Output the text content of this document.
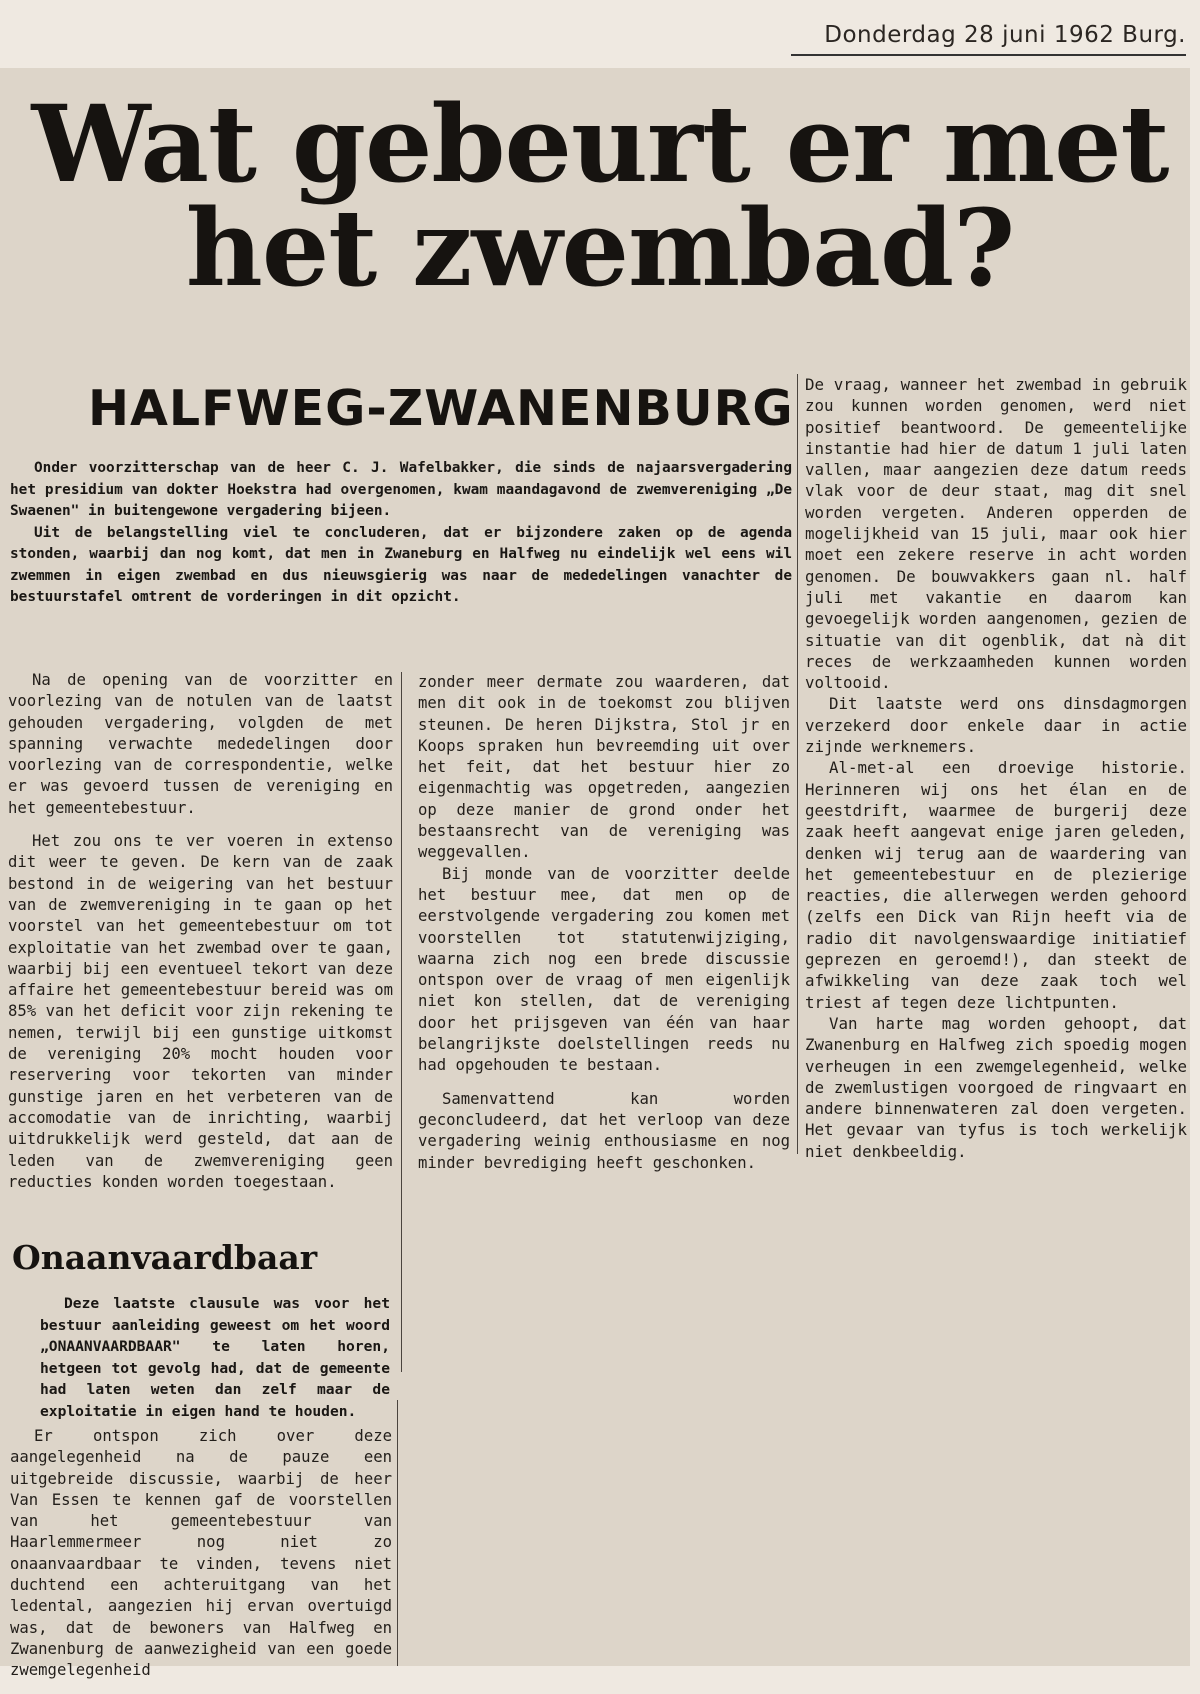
Donderdag 28 juni 1962 Burg.
Wat gebeurt er met het zwembad?
HALFWEG-ZWANENBURG

Onder voorzitterschap van de heer C. J. Wafelbakker, die sinds de najaarsvergadering het presidium van dokter Hoekstra had overgenomen, kwam maandagavond de zwemvereniging „De Swaenen" in buitengewone vergadering bijeen.

Uit de belangstelling viel te concluderen, dat er bijzondere zaken op de agenda stonden, waarbij dan nog komt, dat men in Zwaneburg en Halfweg nu eindelijk wel eens wil zwemmen in eigen zwembad en dus nieuwsgierig was naar de mededelingen vanachter de bestuurstafel omtrent de vorderingen in dit opzicht.

Na de opening van de voorzitter en voorlezing van de notulen van de laatst gehouden vergadering, volgden de met spanning verwachte mededelingen door voorlezing van de correspondentie, welke er was gevoerd tussen de vereniging en het gemeentebestuur.

Het zou ons te ver voeren in extenso dit weer te geven. De kern van de zaak bestond in de weigering van het bestuur van de zwemvereniging in te gaan op het voorstel van het gemeentebestuur om tot exploitatie van het zwembad over te gaan, waarbij bij een eventueel tekort van deze affaire het gemeentebestuur bereid was om 85% van het deficit voor zijn rekening te nemen, terwijl bij een gunstige uitkomst de vereniging 20% mocht houden voor reservering voor tekorten van minder gunstige jaren en het verbeteren van de accomodatie van de inrichting, waarbij uitdrukkelijk werd gesteld, dat aan de leden van de zwemvereniging geen reducties konden worden toegestaan.

zonder meer dermate zou waarderen, dat men dit ook in de toekomst zou blijven steunen. De heren Dijkstra, Stol jr en Koops spraken hun bevreemding uit over het feit, dat het bestuur hier zo eigenmachtig was opgetreden, aangezien op deze manier de grond onder het bestaansrecht van de vereniging was weggevallen.

Bij monde van de voorzitter deelde het bestuur mee, dat men op de eerstvolgende vergadering zou komen met voorstellen tot statutenwijziging, waarna zich nog een brede discussie ontspon over de vraag of men eigenlijk niet kon stellen, dat de vereniging door het prijsgeven van één van haar belangrijkste doelstellingen reeds nu had opgehouden te bestaan.

Samenvattend kan worden geconcludeerd, dat het verloop van deze vergadering weinig enthousiasme en nog minder bevrediging heeft geschonken.

De vraag, wanneer het zwembad in gebruik zou kunnen worden genomen, werd niet positief beantwoord. De gemeentelijke instantie had hier de datum 1 juli laten vallen, maar aangezien deze datum reeds vlak voor de deur staat, mag dit snel worden vergeten. Anderen opperden de mogelijkheid van 15 juli, maar ook hier moet een zekere reserve in acht worden genomen. De bouwvakkers gaan nl. half juli met vakantie en daarom kan gevoegelijk worden aangenomen, gezien de situatie van dit ogenblik, dat nà dit reces de werkzaamheden kunnen worden voltooid.

Dit laatste werd ons dinsdagmorgen verzekerd door enkele daar in actie zijnde werknemers.

Al-met-al een droevige historie. Herinneren wij ons het élan en de geestdrift, waarmee de burgerij deze zaak heeft aangevat enige jaren geleden, denken wij terug aan de waardering van het gemeentebestuur en de plezierige reacties, die allerwegen werden gehoord (zelfs een Dick van Rijn heeft via de radio dit navolgenswaardige initiatief geprezen en geroemd!), dan steekt de afwikkeling van deze zaak toch wel triest af tegen deze lichtpunten.

Van harte mag worden gehoopt, dat Zwanenburg en Halfweg zich spoedig mogen verheugen in een zwemgelegenheid, welke de zwemlustigen voorgoed de ringvaart en andere binnenwateren zal doen vergeten. Het gevaar van tyfus is toch werkelijk niet denkbeeldig.

Onaanvaardbaar

Deze laatste clausule was voor het bestuur aanleiding geweest om het woord „ONAANVAARDBAAR" te laten horen, hetgeen tot gevolg had, dat de gemeente had laten weten dan zelf maar de exploitatie in eigen hand te houden.

Er ontspon zich over deze aangelegenheid na de pauze een uitgebreide discussie, waarbij de heer Van Essen te kennen gaf de voorstellen van het gemeentebestuur van Haarlemmermeer nog niet zo onaanvaardbaar te vinden, tevens niet duchtend een achteruitgang van het ledental, aangezien hij ervan overtuigd was, dat de bewoners van Halfweg en Zwanenburg de aanwezigheid van een goede zwemgelegenheid
